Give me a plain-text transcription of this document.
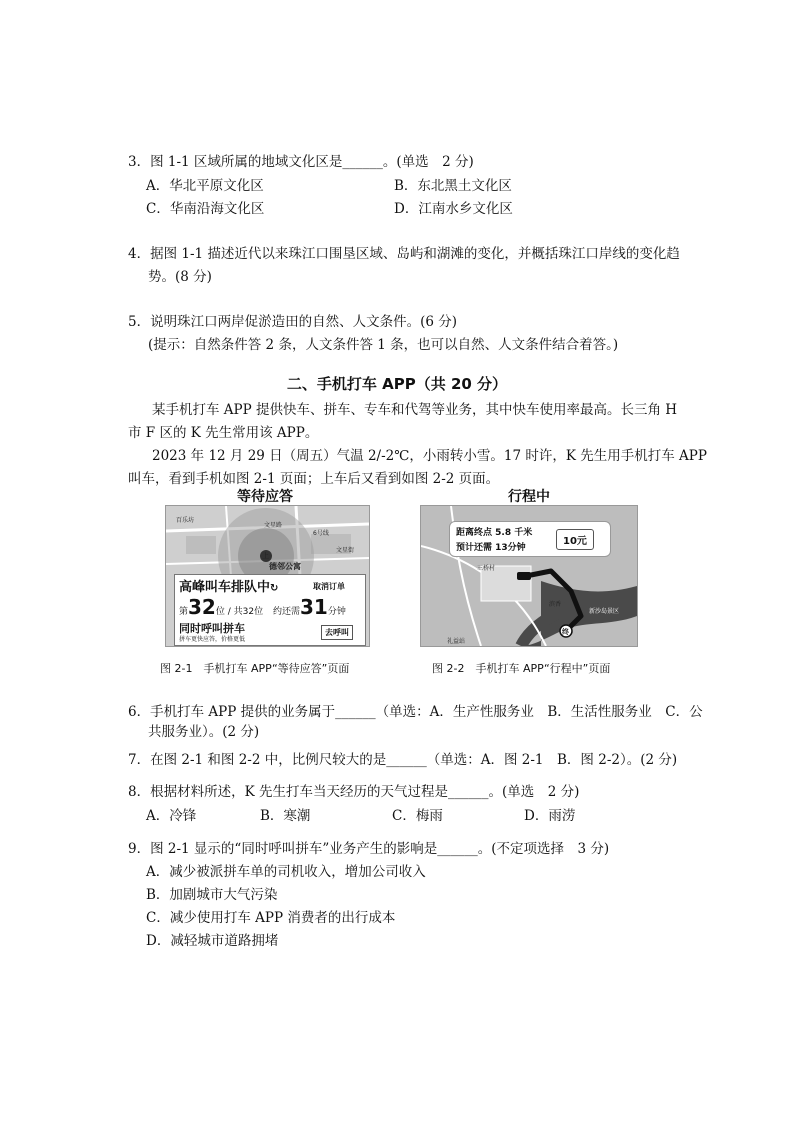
3．图 1-1 区域所属的地域文化区是______。(单选　2 分)
A．华北平原文化区	B．东北黑土文化区
C．华南沿海文化区	D．江南水乡文化区
4．据图 1-1 描述近代以来珠江口围垦区域、岛屿和湖滩的变化，并概括珠江口岸线的变化趋
势。(8 分)
5．说明珠江口两岸促淤造田的自然、人文条件。(6 分)
(提示：自然条件答 2 条，人文条件答 1 条，也可以自然、人文条件结合着答。)
二、手机打车 APP（共 20 分）
某手机打车 APP 提供快车、拼车、专车和代驾等业务，其中快车使用率最高。长三角 H
市 F 区的 K 先生常用该 APP。
2023 年 12 月 29 日（周五）气温 2/-2℃，小雨转小雪。17 时许，K 先生用手机打车 APP
叫车，看到手机如图 2-1 页面；上车后又看到如图 2-2 页面。
等待应答
百乐坊
文星路
6号线
文星街
上
德邻公寓
高峰叫车排队中↻	取消订单
第32位 / 共32位 约还需31分钟
同时呼叫拼车
拼车更快应答，价格更低
去呼叫
图 2-1　手机打车 APP“等待应答”页面
行程中
距离终点 5.8 千米
预计还需 13分钟
10元
三桥村
滨香
新沙岛景区
礼益站
终
图 2-2　手机打车 APP“行程中”页面
6．手机打车 APP 提供的业务属于______（单选：A．生产性服务业　B．生活性服务业　C．公
共服务业）。(2 分)
7．在图 2-1 和图 2-2 中，比例尺较大的是______（单选：A．图 2-1　B．图 2-2）。(2 分)
8．根据材料所述，K 先生打车当天经历的天气过程是______。(单选　2 分)
A．冷锋	B．寒潮	C．梅雨	D．雨涝
9．图 2-1 显示的“同时呼叫拼车”业务产生的影响是______。(不定项选择　3 分)
A．减少被派拼车单的司机收入，增加公司收入
B．加剧城市大气污染
C．减少使用打车 APP 消费者的出行成本
D．减轻城市道路拥堵
